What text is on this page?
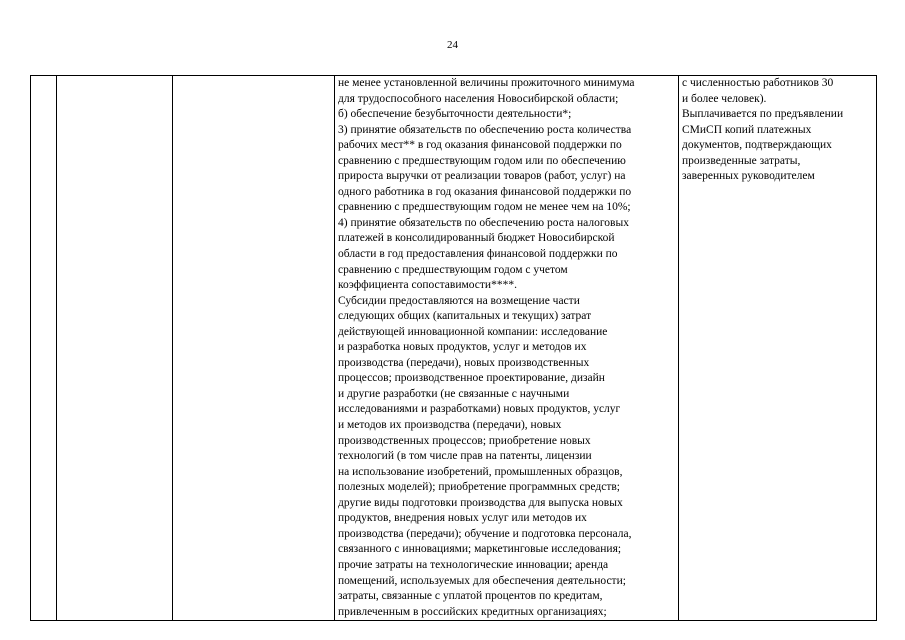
24

не менее установленной величины прожиточного минимума
для трудоспособного населения Новосибирской области;
б) обеспечение безубыточности деятельности*;
3) принятие обязательств по обеспечению роста количества
рабочих мест** в год оказания финансовой поддержки по
сравнению с предшествующим годом или по обеспечению
прироста выручки от реализации товаров (работ, услуг) на
одного работника в год оказания финансовой поддержки по
сравнению с предшествующим годом не менее чем на 10%;
4) принятие обязательств по обеспечению роста налоговых
платежей в консолидированный бюджет Новосибирской
области в год предоставления финансовой поддержки по
сравнению с предшествующим годом с учетом
коэффициента сопоставимости****.
Субсидии предоставляются на возмещение части
следующих общих (капитальных и текущих) затрат
действующей инновационной компании: исследование
и разработка новых продуктов, услуг и методов их
производства (передачи), новых производственных
процессов; производственное проектирование, дизайн
и другие разработки (не связанные с научными
исследованиями и разработками) новых продуктов, услуг
и методов их производства (передачи), новых
производственных процессов; приобретение новых
технологий (в том числе прав на патенты, лицензии
на использование изобретений, промышленных образцов,
полезных моделей); приобретение программных средств;
другие виды подготовки производства для выпуска новых
продуктов, внедрения новых услуг или методов их
производства (передачи); обучение и подготовка персонала,
связанного с инновациями; маркетинговые исследования;
прочие затраты на технологические инновации; аренда
помещений, используемых для обеспечения деятельности;
затраты, связанные с уплатой процентов по кредитам,
привлеченным в российских кредитных организациях;

с численностью работников 30
и более человек).
Выплачивается по предъявлении
СМиСП копий платежных
документов, подтверждающих
произведенные затраты,
заверенных руководителем
